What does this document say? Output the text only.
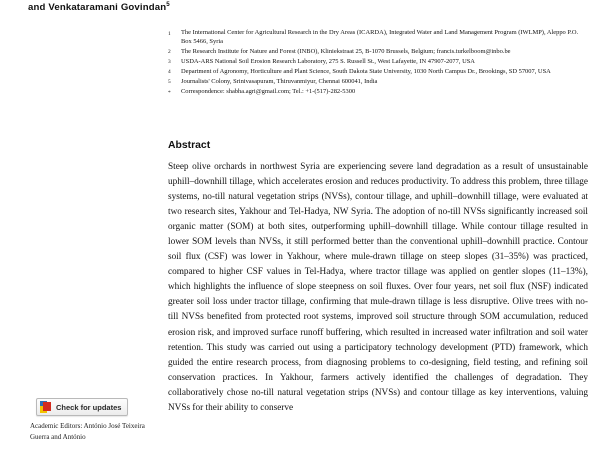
and Venkataramani Govindan$^5$
1	The International Center for Agricultural Research in the Dry Areas (ICARDA), Integrated Water and Land Management Program (IWLMP), Aleppo P.O. Box 5466, Syria
2	The Research Institute for Nature and Forest (INBO), Kliniekstraat 25, B-1070 Brussels, Belgium; francis.turkelboom@inbo.be
3	USDA-ARS National Soil Erosion Research Laboratory, 275 S. Russell St., West Lafayette, IN 47907-2077, USA
4	Department of Agronomy, Horticulture and Plant Science, South Dakota State University, 1030 North Campus Dr., Brookings, SD 57007, USA
5	Journalists' Colony, Srinivasapuram, Thiruvanmiyur, Chennai 600041, India
*	Correspondence: shabha.agri@gmail.com; Tel.: +1-(517)-282-5300
Abstract

Steep olive orchards in northwest Syria are experiencing severe land degradation as a result of unsustainable uphill–downhill tillage, which accelerates erosion and reduces productivity. To address this problem, three tillage systems, no-till natural vegetation strips (NVSs), contour tillage, and uphill–downhill tillage, were evaluated at two research sites, Yakhour and Tel-Hadya, NW Syria. The adoption of no-till NVSs significantly increased soil organic matter (SOM) at both sites, outperforming uphill–downhill tillage. While contour tillage resulted in lower SOM levels than NVSs, it still performed better than the conventional uphill–downhill practice. Contour soil flux (CSF) was lower in Yakhour, where mule-drawn tillage on steep slopes (31–35%) was practiced, compared to higher CSF values in Tel-Hadya, where tractor tillage was applied on gentler slopes (11–13%), which highlights the influence of slope steepness on soil fluxes. Over four years, net soil flux (NSF) indicated greater soil loss under tractor tillage, confirming that mule-drawn tillage is less disruptive. Olive trees with no-till NVSs benefited from protected root systems, improved soil structure through SOM accumulation, reduced erosion risk, and improved surface runoff buffering, which resulted in increased water infiltration and soil water retention. This study was carried out using a participatory technology development (PTD) framework, which guided the entire research process, from diagnosing problems to co-designing, field testing, and refining soil conservation practices. In Yakhour, farmers actively identified the challenges of degradation. They collaboratively chose no-till natural vegetation strips (NVSs) and contour tillage as key interventions, valuing NVSs for their ability to conserve

Check for updates
Academic Editors: António José Teixeira Guerra and António
